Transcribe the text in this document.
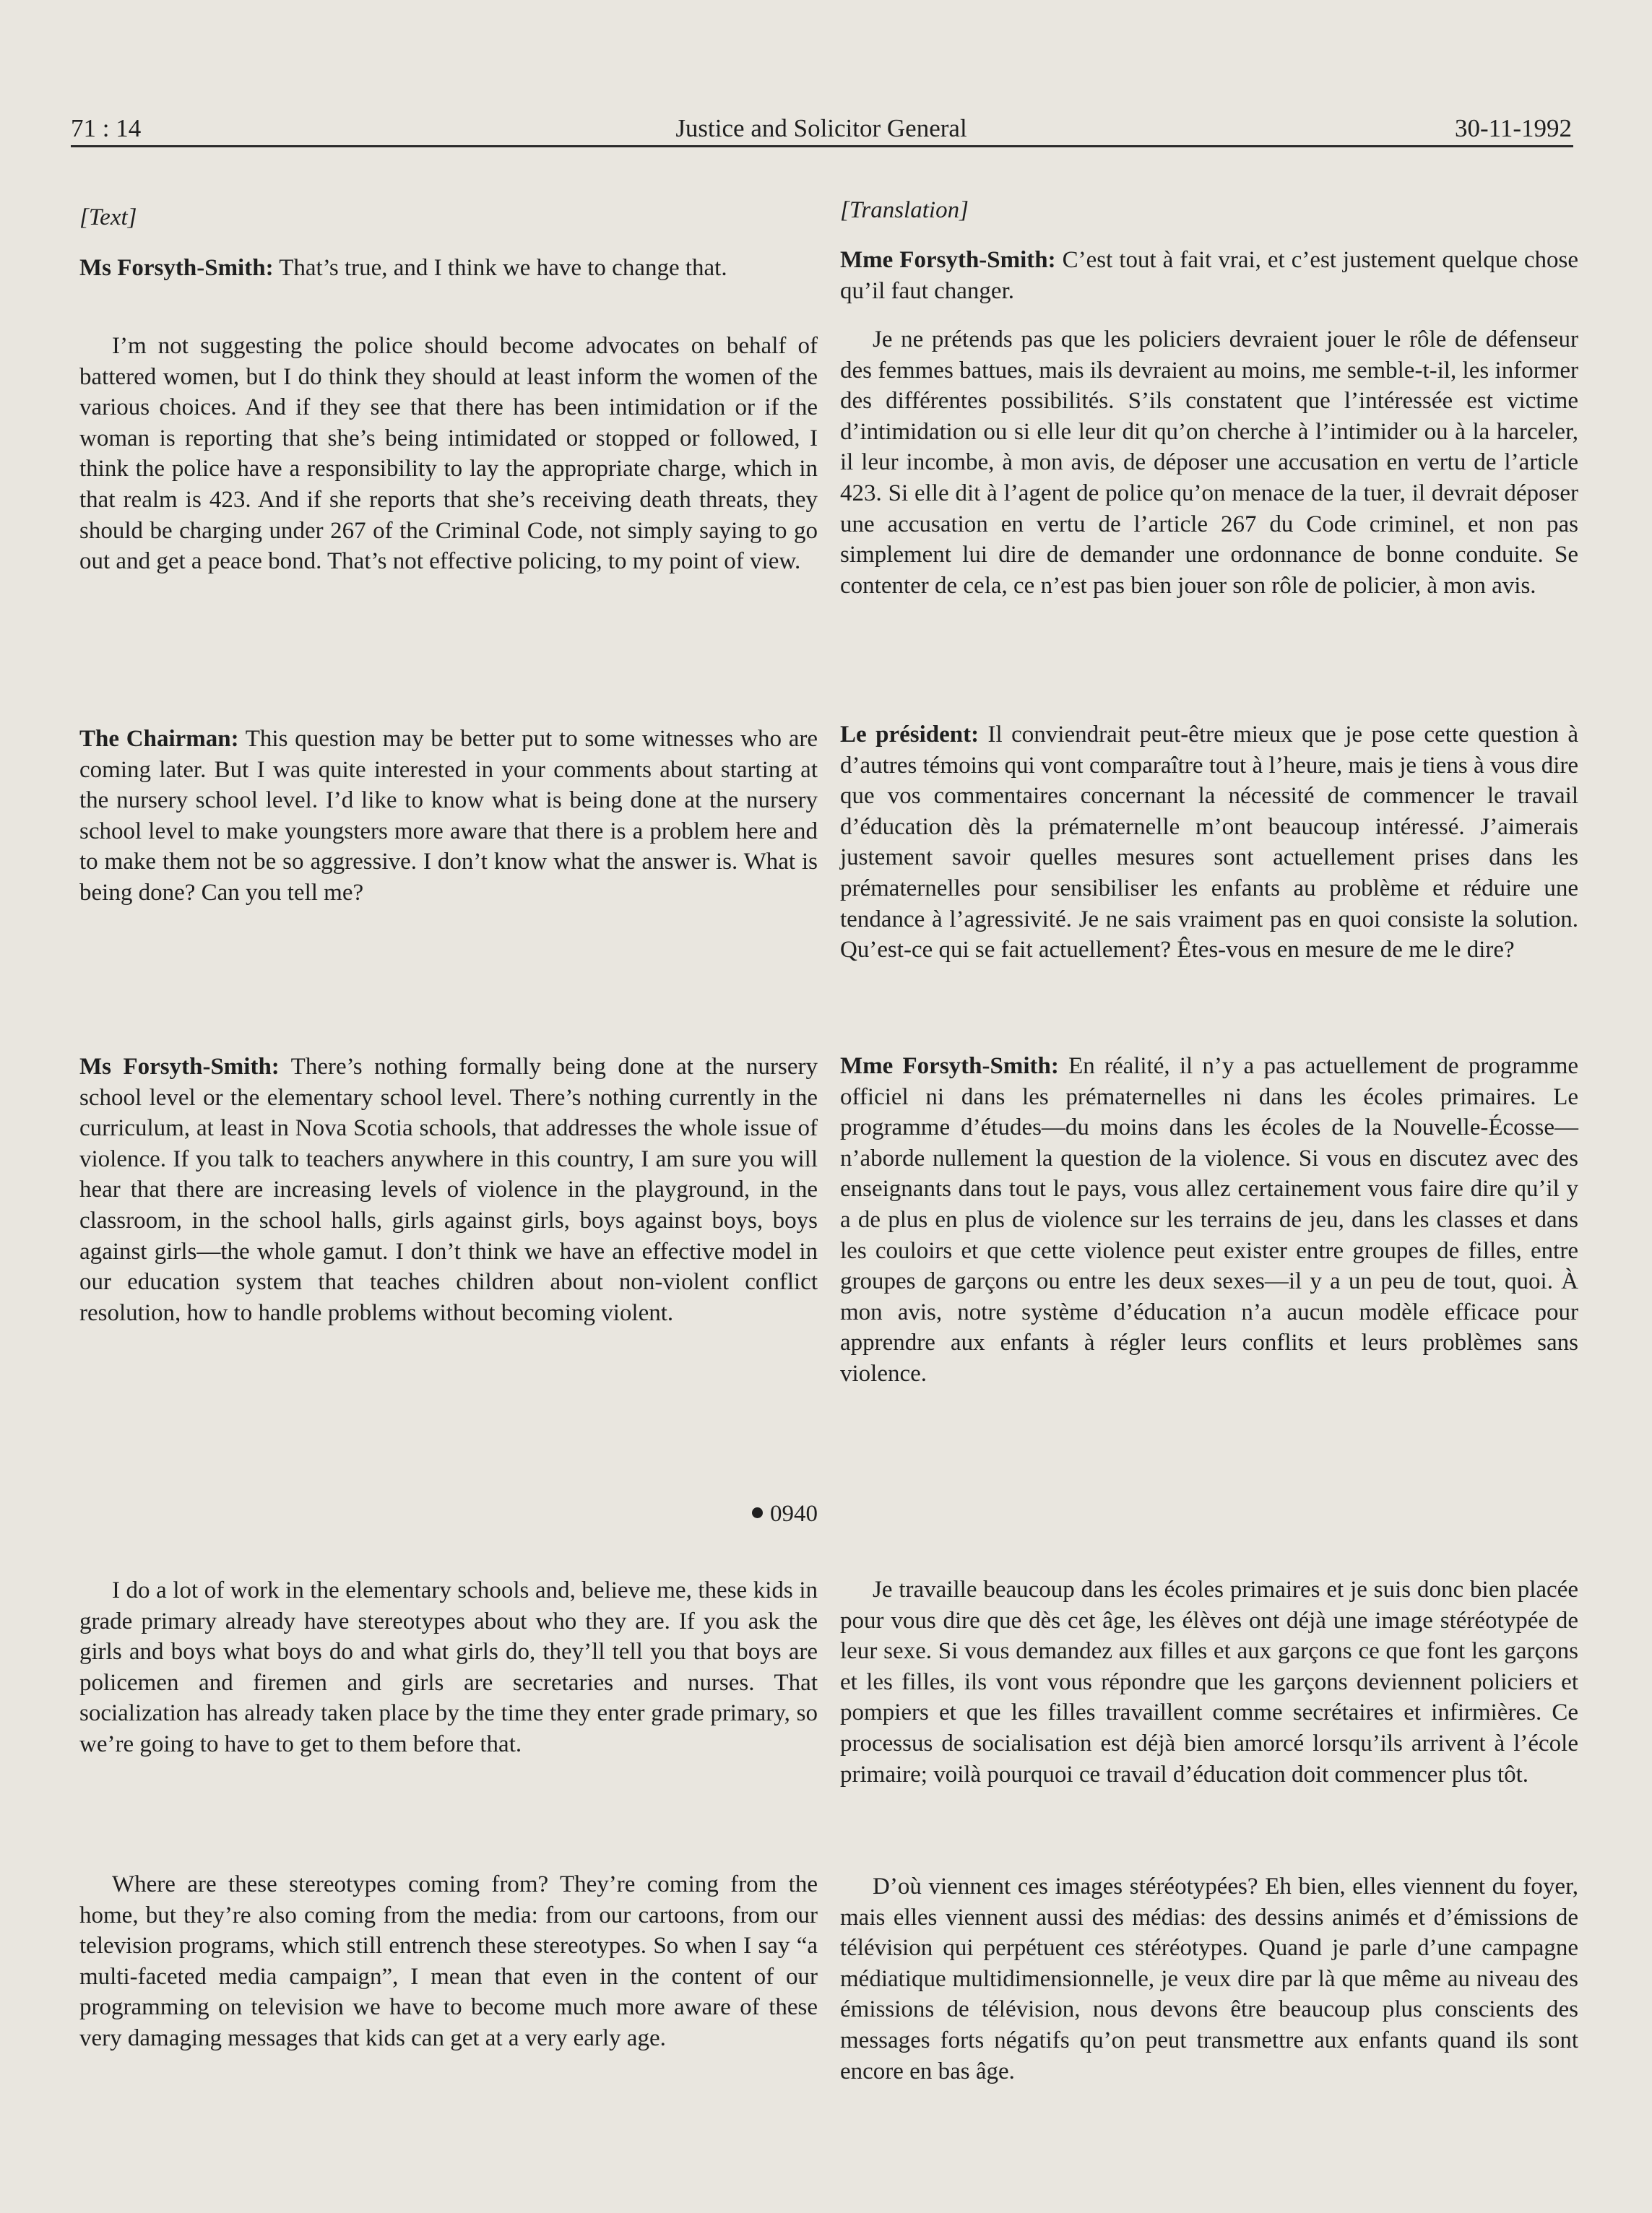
71 : 14	Justice and Solicitor General	30-11-1992
[Text]

Ms Forsyth-Smith: That’s true, and I think we have to change that.

I’m not suggesting the police should become advocates on behalf of battered women, but I do think they should at least inform the women of the various choices. And if they see that there has been intimidation or if the woman is reporting that she’s being intimidated or stopped or followed, I think the police have a responsibility to lay the appropriate charge, which in that realm is 423. And if she reports that she’s receiving death threats, they should be charging under 267 of the Criminal Code, not simply saying to go out and get a peace bond. That’s not effective policing, to my point of view.

The Chairman: This question may be better put to some witnesses who are coming later. But I was quite interested in your comments about starting at the nursery school level. I’d like to know what is being done at the nursery school level to make youngsters more aware that there is a problem here and to make them not be so aggressive. I don’t know what the answer is. What is being done? Can you tell me?

Ms Forsyth-Smith: There’s nothing formally being done at the nursery school level or the elementary school level. There’s nothing currently in the curriculum, at least in Nova Scotia schools, that addresses the whole issue of violence. If you talk to teachers anywhere in this country, I am sure you will hear that there are increasing levels of violence in the playground, in the classroom, in the school halls, girls against girls, boys against boys, boys against girls—the whole gamut. I don’t think we have an effective model in our education system that teaches children about non-violent conflict resolution, how to handle problems without becoming violent.

0940

I do a lot of work in the elementary schools and, believe me, these kids in grade primary already have stereotypes about who they are. If you ask the girls and boys what boys do and what girls do, they’ll tell you that boys are policemen and firemen and girls are secretaries and nurses. That socialization has already taken place by the time they enter grade primary, so we’re going to have to get to them before that.

Where are these stereotypes coming from? They’re coming from the home, but they’re also coming from the media: from our cartoons, from our television programs, which still entrench these stereotypes. So when I say “a multi-faceted media campaign”, I mean that even in the content of our programming on television we have to become much more aware of these very damaging messages that kids can get at a very early age.

[Translation]

Mme Forsyth-Smith: C’est tout à fait vrai, et c’est justement quelque chose qu’il faut changer.

Je ne prétends pas que les policiers devraient jouer le rôle de défenseur des femmes battues, mais ils devraient au moins, me semble-t-il, les informer des différentes possibilités. S’ils constatent que l’intéressée est victime d’intimidation ou si elle leur dit qu’on cherche à l’intimider ou à la harceler, il leur incombe, à mon avis, de déposer une accusation en vertu de l’article 423. Si elle dit à l’agent de police qu’on menace de la tuer, il devrait déposer une accusation en vertu de l’article 267 du Code criminel, et non pas simplement lui dire de demander une ordonnance de bonne conduite. Se contenter de cela, ce n’est pas bien jouer son rôle de policier, à mon avis.

Le président: Il conviendrait peut-être mieux que je pose cette question à d’autres témoins qui vont comparaître tout à l’heure, mais je tiens à vous dire que vos commentaires concernant la nécessité de commencer le travail d’éducation dès la prématernelle m’ont beaucoup intéressé. J’aimerais justement savoir quelles mesures sont actuellement prises dans les prématernelles pour sensibiliser les enfants au problème et réduire une tendance à l’agressivité. Je ne sais vraiment pas en quoi consiste la solution. Qu’est-ce qui se fait actuellement? Êtes-vous en mesure de me le dire?

Mme Forsyth-Smith: En réalité, il n’y a pas actuellement de programme officiel ni dans les prématernelles ni dans les écoles primaires. Le programme d’études—du moins dans les écoles de la Nouvelle-Écosse—n’aborde nullement la question de la violence. Si vous en discutez avec des enseignants dans tout le pays, vous allez certainement vous faire dire qu’il y a de plus en plus de violence sur les terrains de jeu, dans les classes et dans les couloirs et que cette violence peut exister entre groupes de filles, entre groupes de garçons ou entre les deux sexes—il y a un peu de tout, quoi. À mon avis, notre système d’éducation n’a aucun modèle efficace pour apprendre aux enfants à régler leurs conflits et leurs problèmes sans violence.

Je travaille beaucoup dans les écoles primaires et je suis donc bien placée pour vous dire que dès cet âge, les élèves ont déjà une image stéréotypée de leur sexe. Si vous demandez aux filles et aux garçons ce que font les garçons et les filles, ils vont vous répondre que les garçons deviennent policiers et pompiers et que les filles travaillent comme secrétaires et infirmières. Ce processus de socialisation est déjà bien amorcé lorsqu’ils arrivent à l’école primaire; voilà pourquoi ce travail d’éducation doit commencer plus tôt.

D’où viennent ces images stéréotypées? Eh bien, elles viennent du foyer, mais elles viennent aussi des médias: des dessins animés et d’émissions de télévision qui perpétuent ces stéréotypes. Quand je parle d’une campagne médiatique multidimensionnelle, je veux dire par là que même au niveau des émissions de télévision, nous devons être beaucoup plus conscients des messages forts négatifs qu’on peut transmettre aux enfants quand ils sont encore en bas âge.
